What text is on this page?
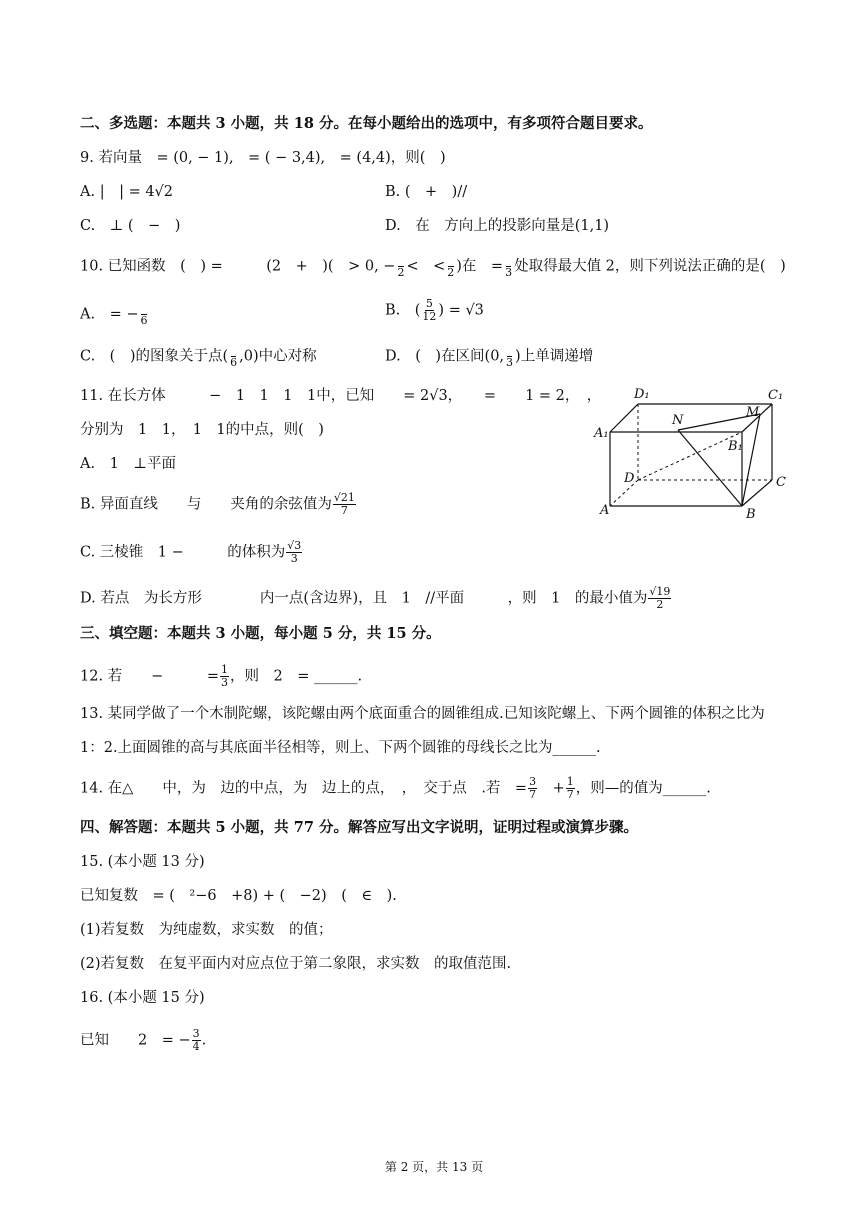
二、多选题：本题共 3 小题，共 18 分。在每小题给出的选项中，有多项符合题目要求。
9. 若向量　= (0, − 1),　= ( − 3,4),　= (4,4)，则(　)
A. |　| = 4√2	B. (　+　)//
C.　⊥ (　−　)	D.　在　方向上的投影向量是(1,1)
10. 已知函数　(　) =　　　(2　+　)(　> 0, −
2 <　<
2 )在　=
3 处取得最大值 2，则下列说法正确的是(　)
A.　= −
6
B.　( $\frac{5}{12}$ ) = √3
C.　(　)的图象关于点(
6 ,0)中心对称	D.　(　)在区间(0,
3 )上单调递增
11. 在长方体　　　−　1　1　1　1中，已知　　= 2√3，　　=　　1 = 2，　，
分别为　1　1，　1　1的中点，则(　)
A.　1　⊥平面
B. 异面直线　　与　　夹角的余弦值为 $\frac{√21}{7}$
C. 三棱锥　1 −　　　的体积为 $\frac{√3}{3}$
D. 若点　为长方形　　　　内一点(含边界)，且　1　//平面　　　，则　1　的最小值为 $\frac{√19}{2}$
D₁	C₁
A₁
N
M
B₁
D	C
A	B
三、填空题：本题共 3 小题，每小题 5 分，共 15 分。
12. 若　　−　　　= $\frac{1}{3}$ ，则　2　= ______.
13. 某同学做了一个木制陀螺，该陀螺由两个底面重合的圆锥组成.已知该陀螺上、下两个圆锥的体积之比为
1：2.上面圆锥的高与其底面半径相等，则上、下两个圆锥的母线长之比为______.
14. 在△　　中，为　边的中点，为　边上的点，　，　交于点　.若　= $\frac{3}{7}$ 　+ $\frac{1}{7}$ ，则—的值为______.
四、解答题：本题共 5 小题，共 77 分。解答应写出文字说明，证明过程或演算步骤。
15. (本小题 13 分)
已知复数　= (　²−6　+8) + (　−2)　(　∈　).
(1)若复数　为纯虚数，求实数　的值；
(2)若复数　在复平面内对应点位于第二象限，求实数　的取值范围.
16. (本小题 15 分)
已知　　2　= − $\frac{3}{4}$ .
第 2 页，共 13 页
